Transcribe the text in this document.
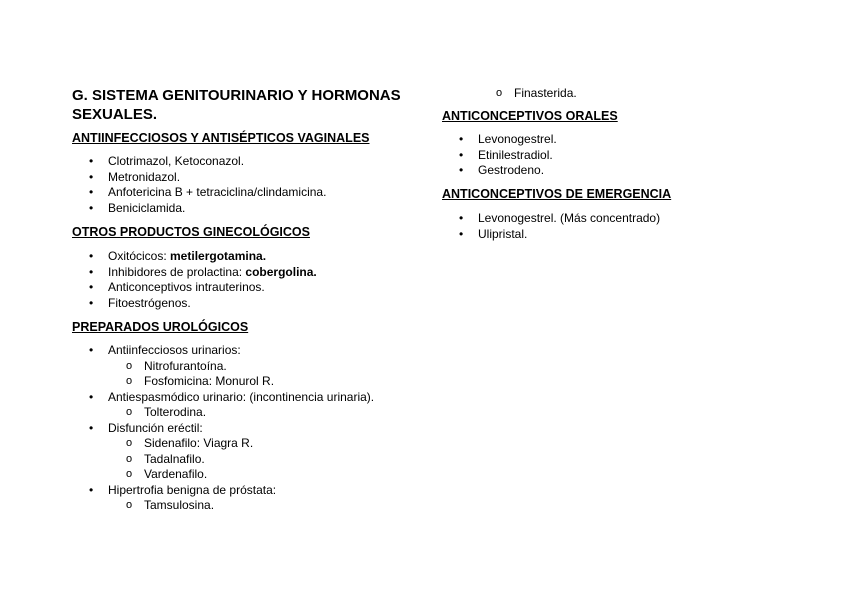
G. SISTEMA GENITOURINARIO Y HORMONAS SEXUALES.
ANTIINFECCIOSOS Y ANTISÉPTICOS VAGINALES
• Clotrimazol, Ketoconazol.
• Metronidazol.
• Anfotericina B + tetraciclina/clindamicina.
• Beniciclamida.
OTROS PRODUCTOS GINECOLÓGICOS
• Oxitócicos: metilergotamina.
• Inhibidores de prolactina: cobergolina.
• Anticonceptivos intrauterinos.
• Fitoestrógenos.
PREPARADOS UROLÓGICOS
• Antiinfecciosos urinarios:
o Nitrofurantoína.
o Fosfomicina: Monurol R.
• Antiespasmódico urinario: (incontinencia urinaria).
o Tolterodina.
• Disfunción eréctil:
o Sidenafilo: Viagra R.
o Tadalnafilo.
o Vardenafilo.
• Hipertrofia benigna de próstata:
o Tamsulosina.
o Finasterida.
ANTICONCEPTIVOS ORALES
• Levonogestrel.
• Etinilestradiol.
• Gestrodeno.
ANTICONCEPTIVOS DE EMERGENCIA
• Levonogestrel. (Más concentrado)
• Ulipristal.
